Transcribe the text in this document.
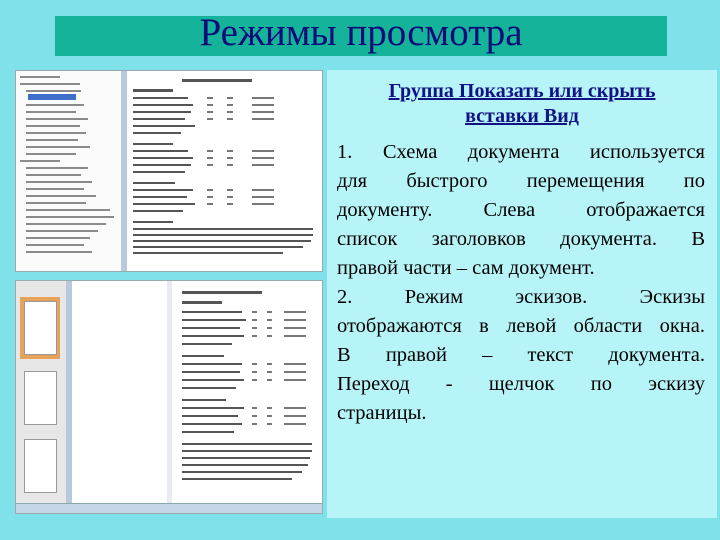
Режимы просмотра
Группа Показать или скрыть
вставки Вид
1. Схема документа используется
для быстрого перемещения по
документу. Слева отображается
список заголовков документа. В
правой части – сам документ.
2. Режим эскизов. Эскизы
отображаются в левой области окна.
В правой – текст документа.
Переход - щелчок по эскизу
страницы.
